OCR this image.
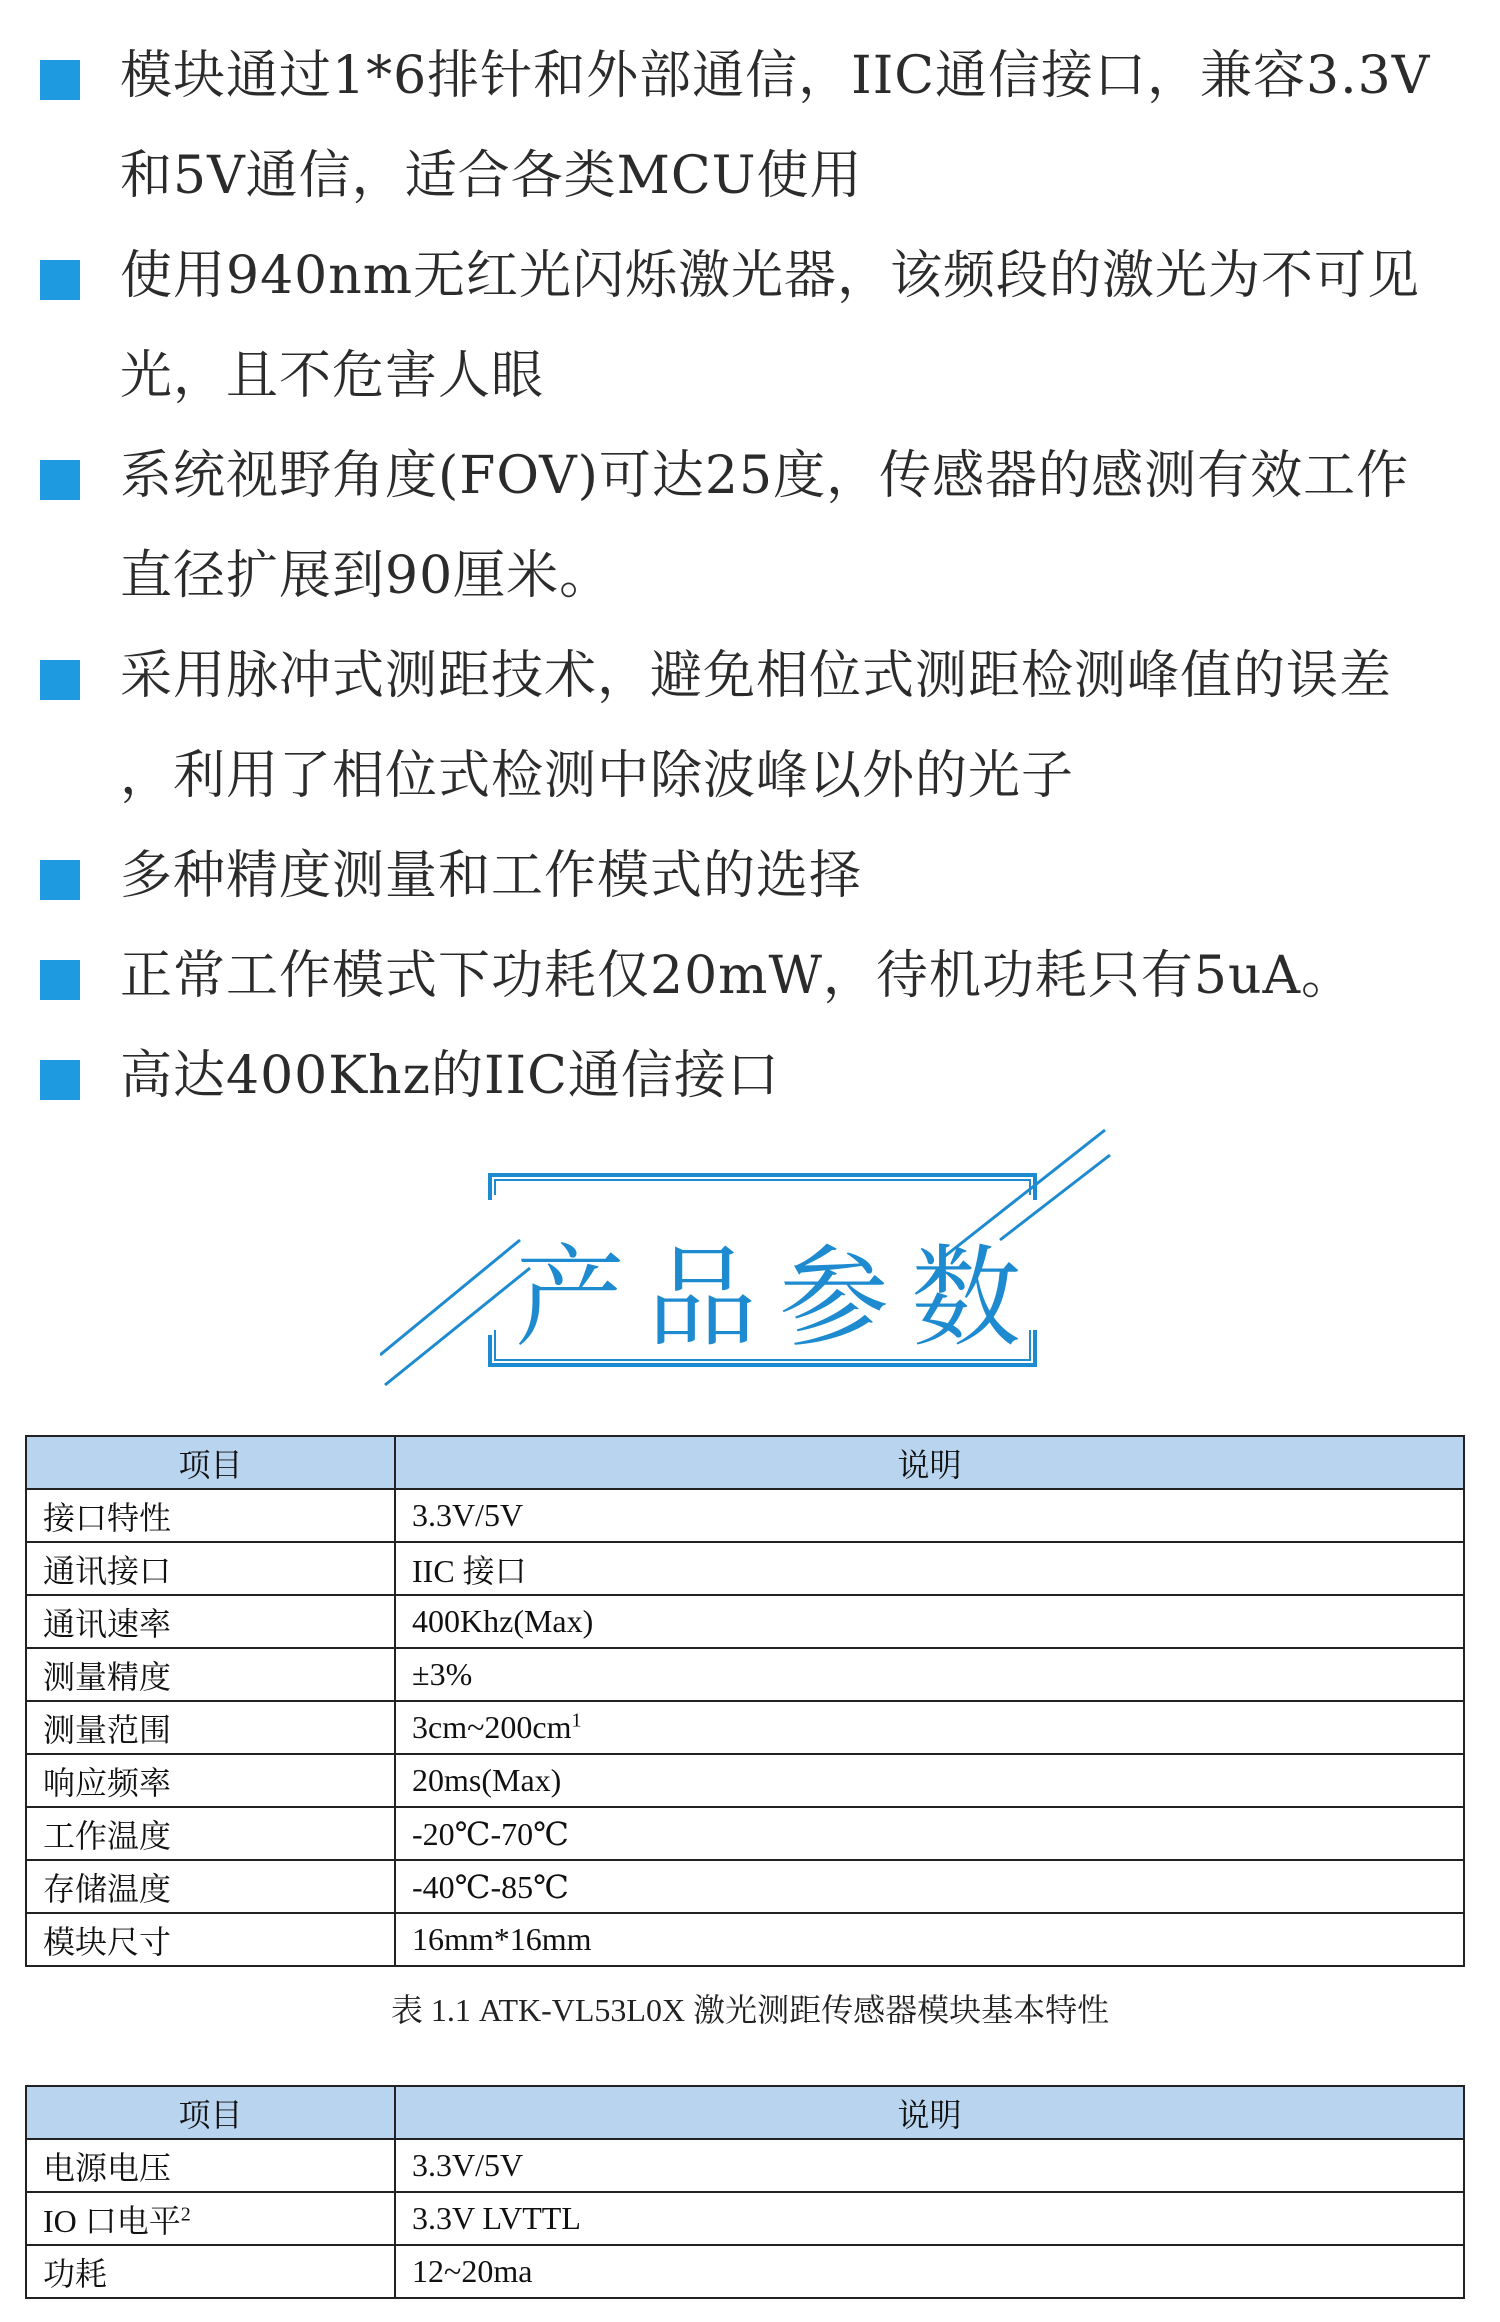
模块通过1*6排针和外部通信，IIC通信接口，兼容3.3V
和5V通信，适合各类MCU使用
使用940nm无红光闪烁激光器，该频段的激光为不可见
光，且不危害人眼
系统视野角度(FOV)可达25度，传感器的感测有效工作
直径扩展到90厘米。
采用脉冲式测距技术，避免相位式测距检测峰值的误差
，利用了相位式检测中除波峰以外的光子
多种精度测量和工作模式的选择
正常工作模式下功耗仅20mW，待机功耗只有5uA。
高达400Khz的IIC通信接口
产品参数
项目	说明
接口特性	3.3V/5V
通讯接口	IIC 接口
通讯速率	400Khz(Max)
测量精度	±3%
测量范围	$3cm\sim 200cm^1$
响应频率	20ms(Max)
工作温度	-20℃-70℃
存储温度	-40℃-85℃
模块尺寸	16mm*16mm
表 1.1 ATK-VL53L0X 激光测距传感器模块基本特性
项目	说明
电源电压	3.3V/5V
IO 口电平$^2$	3.3V LVTTL
功耗	12~20ma
